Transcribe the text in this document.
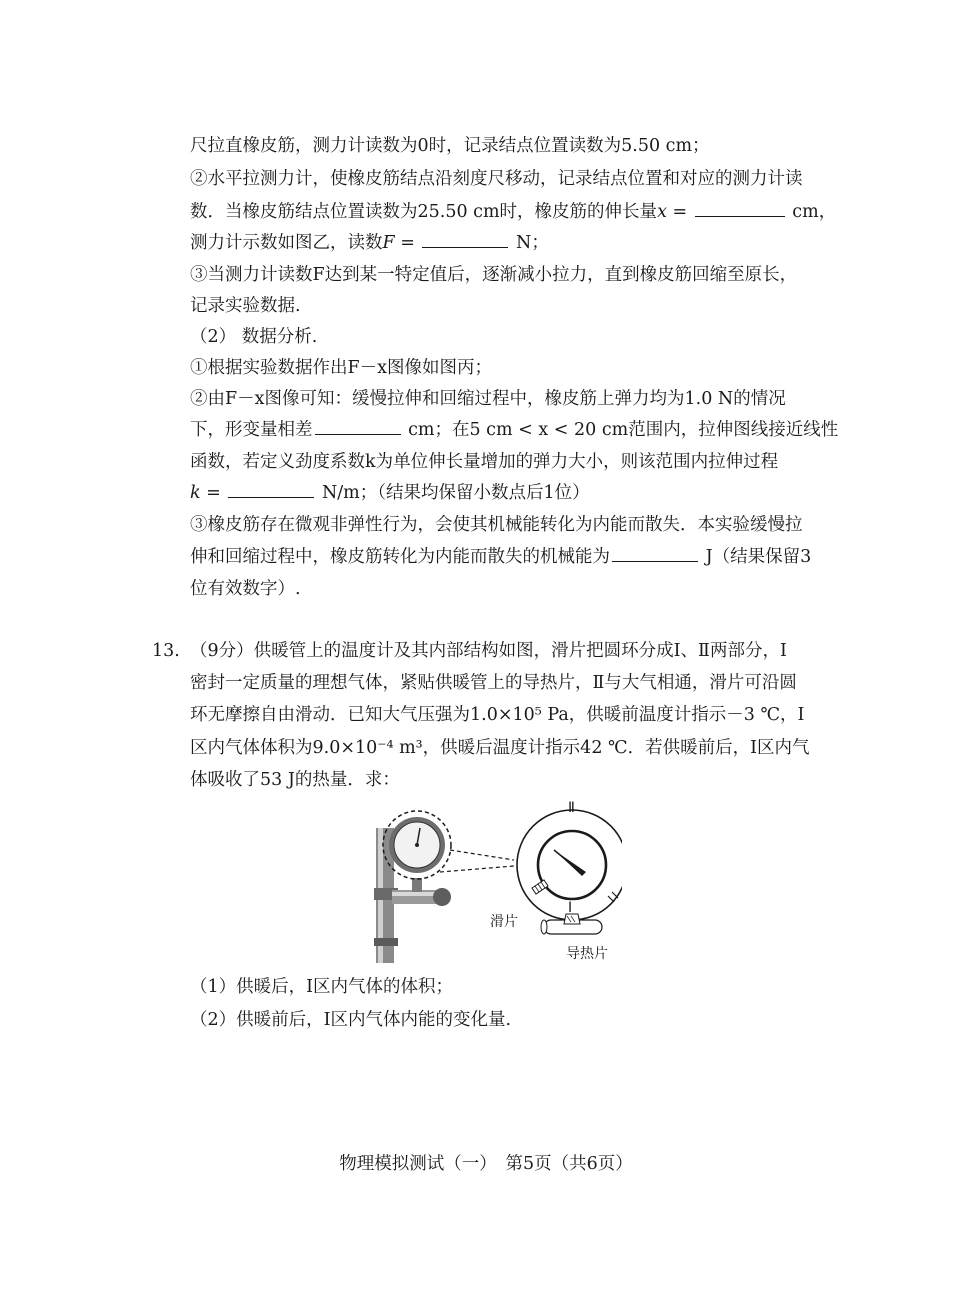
尺拉直橡皮筋，测力计读数为0时，记录结点位置读数为5.50 cm；
②水平拉测力计，使橡皮筋结点沿刻度尺移动，记录结点位置和对应的测力计读
数．当橡皮筋结点位置读数为25.50 cm时，橡皮筋的伸长量x =	cm，
测力计示数如图乙，读数F =	N；
③当测力计读数F达到某一特定值后，逐渐减小拉力，直到橡皮筋回缩至原长，
记录实验数据.
（2） 数据分析.
①根据实验数据作出F－x图像如图丙；
②由F－x图像可知：缓慢拉伸和回缩过程中，橡皮筋上弹力均为1.0 N的情况
下，形变量相差	cm；在5 cm < x < 20 cm范围内，拉伸图线接近线性
函数，若定义劲度系数k为单位伸长量增加的弹力大小，则该范围内拉伸过程
k =	N/m；（结果均保留小数点后1位）
③橡皮筋存在微观非弹性行为，会使其机械能转化为内能而散失．本实验缓慢拉
伸和回缩过程中，橡皮筋转化为内能而散失的机械能为	J（结果保留3
位有效数字）.
13. （9分）供暖管上的温度计及其内部结构如图，滑片把圆环分成Ⅰ、Ⅱ两部分，Ⅰ
密封一定质量的理想气体，紧贴供暖管上的导热片，Ⅱ与大气相通，滑片可沿圆
环无摩擦自由滑动．已知大气压强为1.0×10⁵ Pa，供暖前温度计指示－3 ℃，Ⅰ
区内气体体积为9.0×10⁻⁴ m³，供暖后温度计指示42 ℃．若供暖前后，Ⅰ区内气
体吸收了53 J的热量．求：
Ⅱ
Ⅰ
滑片
导热片
（1）供暖后，Ⅰ区内气体的体积；
（2）供暖前后，Ⅰ区内气体内能的变化量.
物理模拟测试（一）　第5页（共6页）
